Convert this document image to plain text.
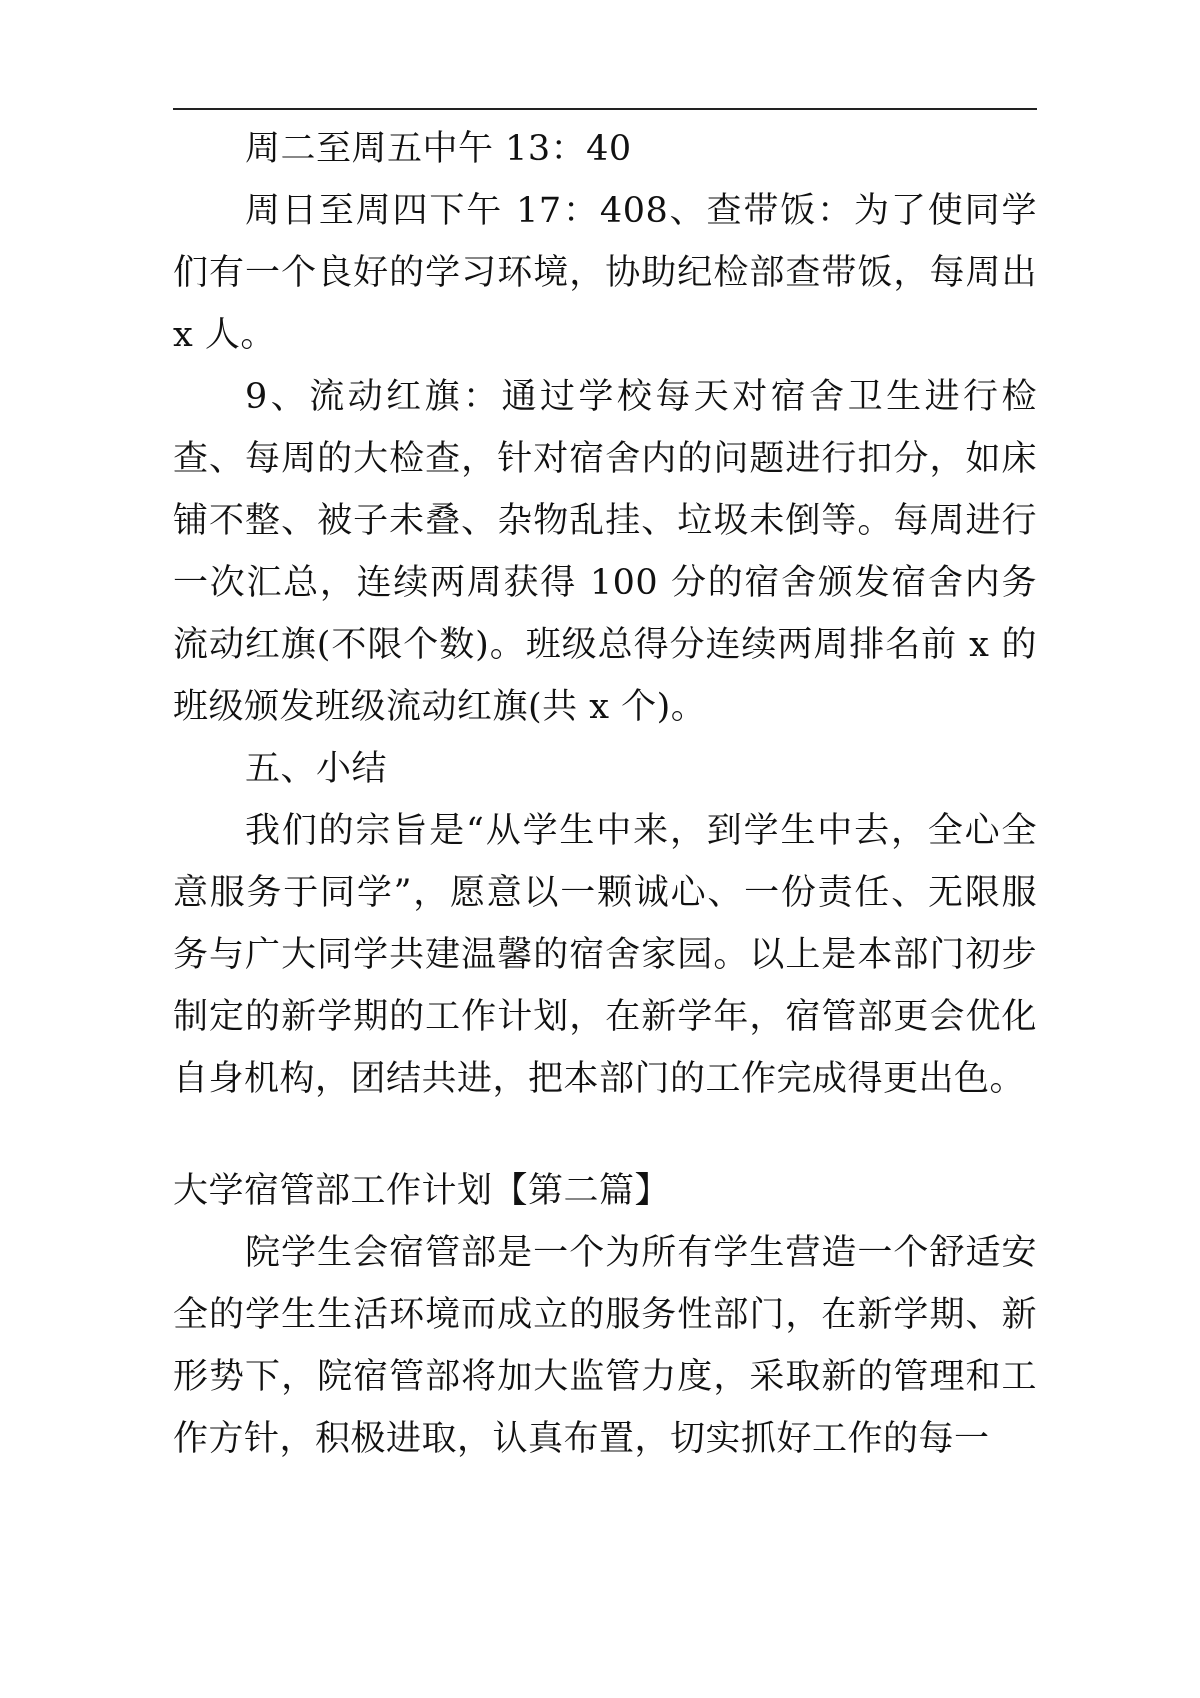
周二至周五中午 13：40

周日至周四下午 17：408、查带饭：为了使同学们有一个良好的学习环境，协助纪检部查带饭，每周出 x 人。

9、流动红旗：通过学校每天对宿舍卫生进行检查、每周的大检查，针对宿舍内的问题进行扣分，如床铺不整、被子未叠、杂物乱挂、垃圾未倒等。每周进行一次汇总，连续两周获得 100 分的宿舍颁发宿舍内务流动红旗(不限个数)。班级总得分连续两周排名前 x 的班级颁发班级流动红旗(共 x 个)。

五、小结

我们的宗旨是“从学生中来，到学生中去，全心全意服务于同学”，愿意以一颗诚心、一份责任、无限服务与广大同学共建温馨的宿舍家园。以上是本部门初步制定的新学期的工作计划，在新学年，宿管部更会优化自身机构，团结共进，把本部门的工作完成得更出色。

大学宿管部工作计划【第二篇】

院学生会宿管部是一个为所有学生营造一个舒适安全的学生生活环境而成立的服务性部门，在新学期、新形势下，院宿管部将加大监管力度，采取新的管理和工作方针，积极进取，认真布置，切实抓好工作的每一
